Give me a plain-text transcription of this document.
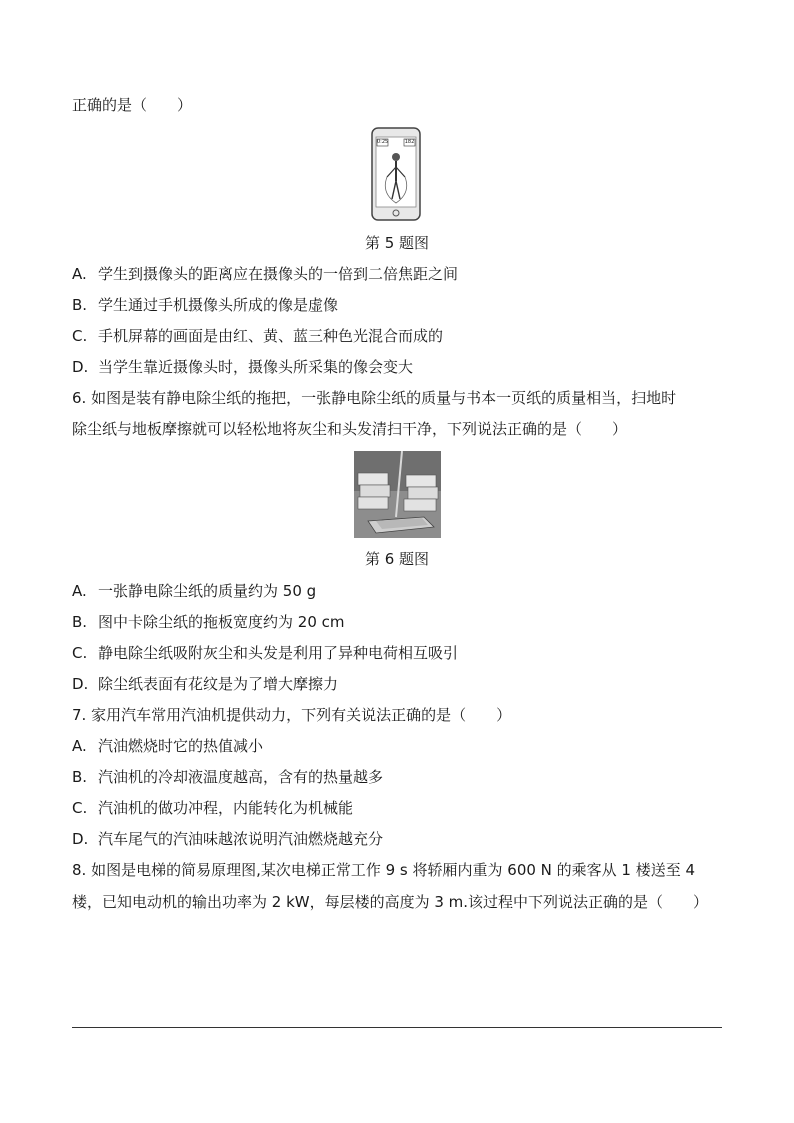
正确的是（　　）
0:25	182
第 5 题图
A. 学生到摄像头的距离应在摄像头的一倍到二倍焦距之间
B. 学生通过手机摄像头所成的像是虚像
C. 手机屏幕的画面是由红、黄、蓝三种色光混合而成的
D. 当学生靠近摄像头时，摄像头所采集的像会变大
6. 如图是装有静电除尘纸的拖把，一张静电除尘纸的质量与书本一页纸的质量相当，扫地时
除尘纸与地板摩擦就可以轻松地将灰尘和头发清扫干净，下列说法正确的是（　　）
第 6 题图
A. 一张静电除尘纸的质量约为 50 g
B. 图中卡除尘纸的拖板宽度约为 20 cm
C. 静电除尘纸吸附灰尘和头发是利用了异种电荷相互吸引
D. 除尘纸表面有花纹是为了增大摩擦力
7. 家用汽车常用汽油机提供动力，下列有关说法正确的是（　　）
A. 汽油燃烧时它的热值减小
B. 汽油机的冷却液温度越高，含有的热量越多
C. 汽油机的做功冲程，内能转化为机械能
D. 汽车尾气的汽油味越浓说明汽油燃烧越充分
8. 如图是电梯的简易原理图,某次电梯正常工作 9 s 将轿厢内重为 600 N 的乘客从 1 楼送至 4
楼，已知电动机的输出功率为 2 kW，每层楼的高度为 3 m.该过程中下列说法正确的是（　　）
